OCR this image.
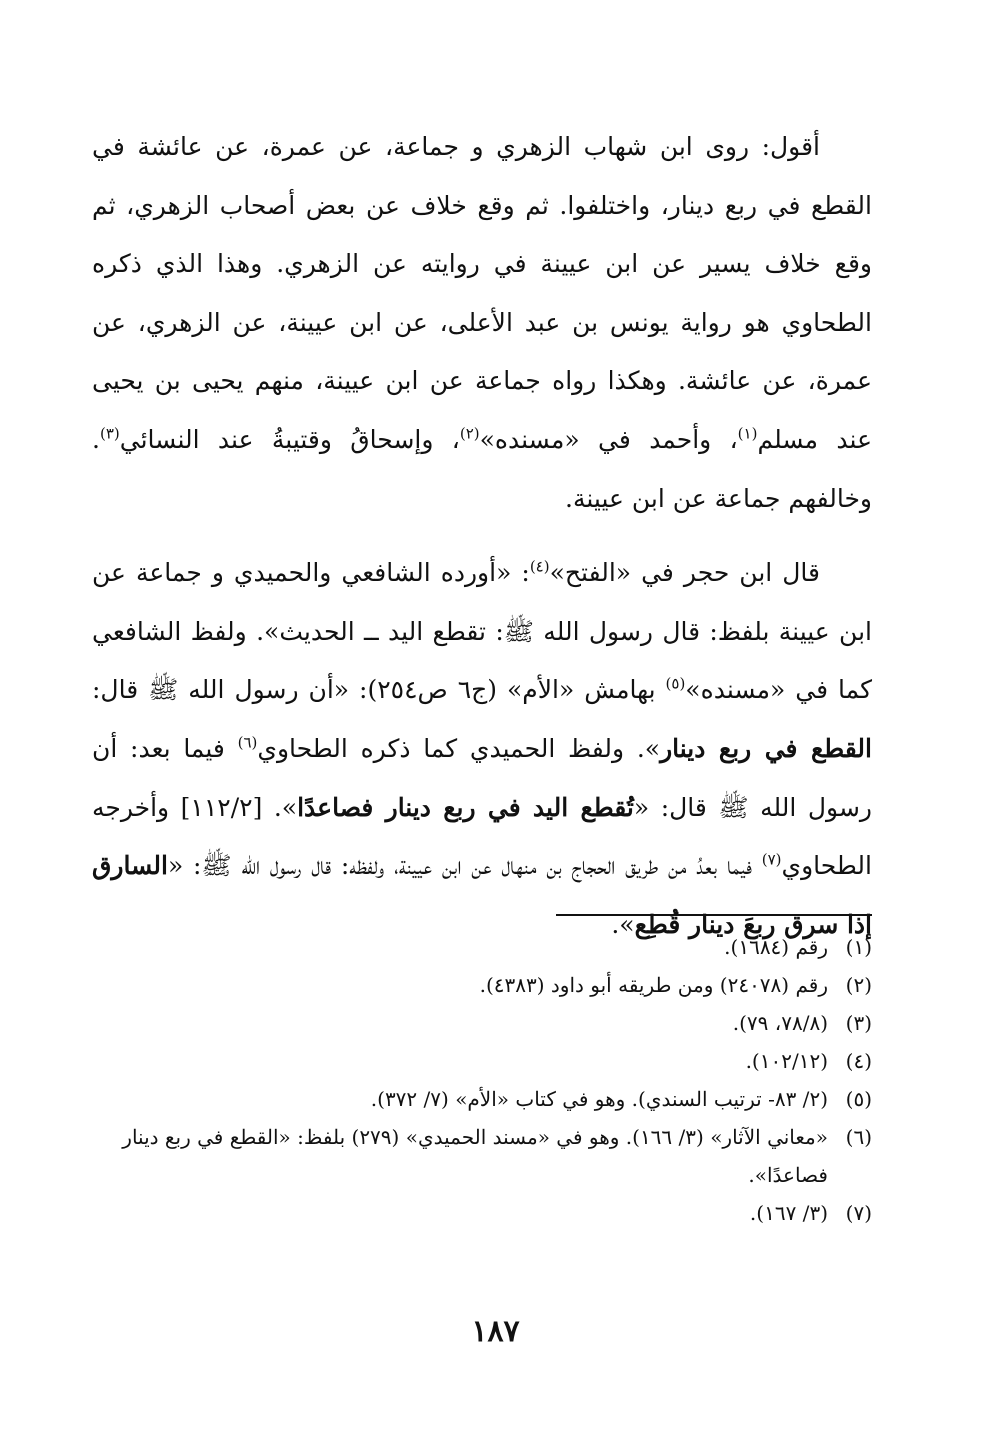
أقول: روى ابن شهاب الزهري و جماعة، عن عمرة، عن عائشة في القطع في ربع دينار، واختلفوا. ثم وقع خلاف عن بعض أصحاب الزهري، ثم وقع خلاف يسير عن ابن عيينة في روايته عن الزهري. وهذا الذي ذكره الطحاوي هو رواية يونس بن عبد الأعلى، عن ابن عيينة، عن الزهري، عن عمرة، عن عائشة. وهكذا رواه جماعة عن ابن عيينة، منهم يحيى بن يحيى عند مسلم$^{(١)}$، وأحمد في «مسنده»$^{(٢)}$، وإسحاقُ وقتيبةُ عند النسائي$^{(٣)}$. وخالفهم جماعة عن ابن عيينة.

قال ابن حجر في «الفتح»$^{(٤)}$: «أورده الشافعي والحميدي و جماعة عن ابن عيينة بلفظ: قال رسول الله ﷺ: تقطع اليد ــ الحديث». ولفظ الشافعي كما في «مسنده»$^{(٥)}$ بهامش «الأم» (ج٦ ص٢٥٤): «أن رسول الله ﷺ قال: القطع في ربع دينار». ولفظ الحميدي كما ذكره الطحاوي$^{(٦)}$ فيما بعد: أن رسول الله ﷺ قال: «تُقطع اليد في ربع دينار فصاعدًا». [١١٢/٢] وأخرجه الطحاوي$^{(٧)}$ فيما بعدُ من طريق الحجاج بن منهال عن ابن عيينة، ولفظه: قال رسول الله ﷺ: «السارق إذا سرق ربعَ دينار قُطِع».

(١)
رقم (١٦٨٤).
(٢)
رقم (٢٤٠٧٨) ومن طريقه أبو داود (٤٣٨٣).
(٣)
(٧٨/٨، ٧٩).
(٤)
(١٠٢/١٢).
(٥)
(٢/ ٨٣- ترتيب السندي). وهو في كتاب «الأم» (٧/ ٣٧٢).
(٦)
«معاني الآثار» (٣/ ١٦٦). وهو في «مسند الحميدي» (٢٧٩) بلفظ: «القطع في ربع دينار فصاعدًا».
(٧)
(٣/ ١٦٧).
١٨٧
